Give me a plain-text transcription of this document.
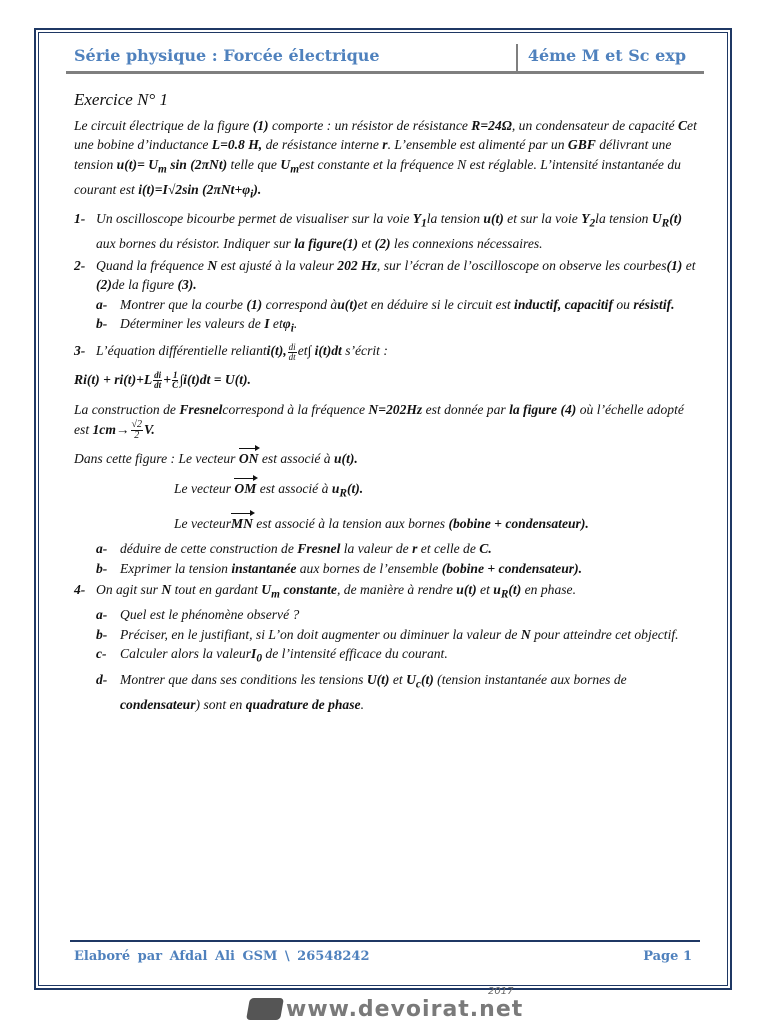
Série physique : Forcée électrique	4éme M et Sc exp
Exercice N° 1

Le circuit électrique de la figure (1) comporte : un résistor de résistance R=24Ω, un condensateur de capacité Cet une bobine d’inductance L=0.8 H, de résistance interne r. L’ensemble est alimenté par un GBF délivrant une tension $u(t)= U_m$ sin (2πNt) telle que $U_mest$ constante et la fréquence N est réglable. L’intensité instantanée du courant est i(t)=I√2sin $(2\pi Nt+\varphi_i)$.

1- Un oscilloscope bicourbe permet de visualiser sur la voie $Y_1la$ tension u(t) et sur la voie $Y_2la$ tension $U_R(t)$ aux bornes du résistor. Indiquer sur la figure(1) et (2) les connexions nécessaires.
2- Quand la fréquence N est ajusté à la valeur 202 Hz, sur l’écran de l’oscilloscope on observe les courbes(1) et (2)de la figure (3).
a- Montrer que la courbe (1) correspond àu(t)et en déduire si le circuit est inductif, capacitif ou résistif.
b- Déterminer les valeurs de I etφ$_i$.
3- L’équation différentielle relianti(t), $\frac{di}{dt} et\int$ i(t)dt s’écrit :
$Ri(t) + ri(t)+L \frac{di}{dt} + \frac{1}{C} \int i(t)dt = U(t)$.

La construction de Fresnelcorrespond à la fréquence N=202Hz est donnée par la figure (4) où l’échelle adopté est $1cm\to \frac{√2}{2} V$.

Dans cette figure : Le vecteur ON est associé à u(t).

Le vecteur OM est associé à $u_R(t)$.

Le vecteurMN est associé à la tension aux bornes (bobine + condensateur).

a- déduire de cette construction de Fresnel la valeur de r et celle de C.
b- Exprimer la tension instantanée aux bornes de l’ensemble (bobine + condensateur).
4- On agit sur N tout en gardant $U_m$ constante, de manière à rendre u(t) et $u_R(t)$ en phase.
a- Quel est le phénomène observé ?
b- Préciser, en le justifiant, si L’on doit augmenter ou diminuer la valeur de N pour atteindre cet objectif.
c- Calculer alors la valeurI$_0$ de l’intensité efficace du courant.
d- Montrer que dans ses conditions les tensions U(t) et $U_c(t)$ (tension instantanée aux bornes de condensateur) sont en quadrature de phase.
Elaboré par Afdal Ali GSM \ 26548242	Page 1
www.devoirat.net
2017
